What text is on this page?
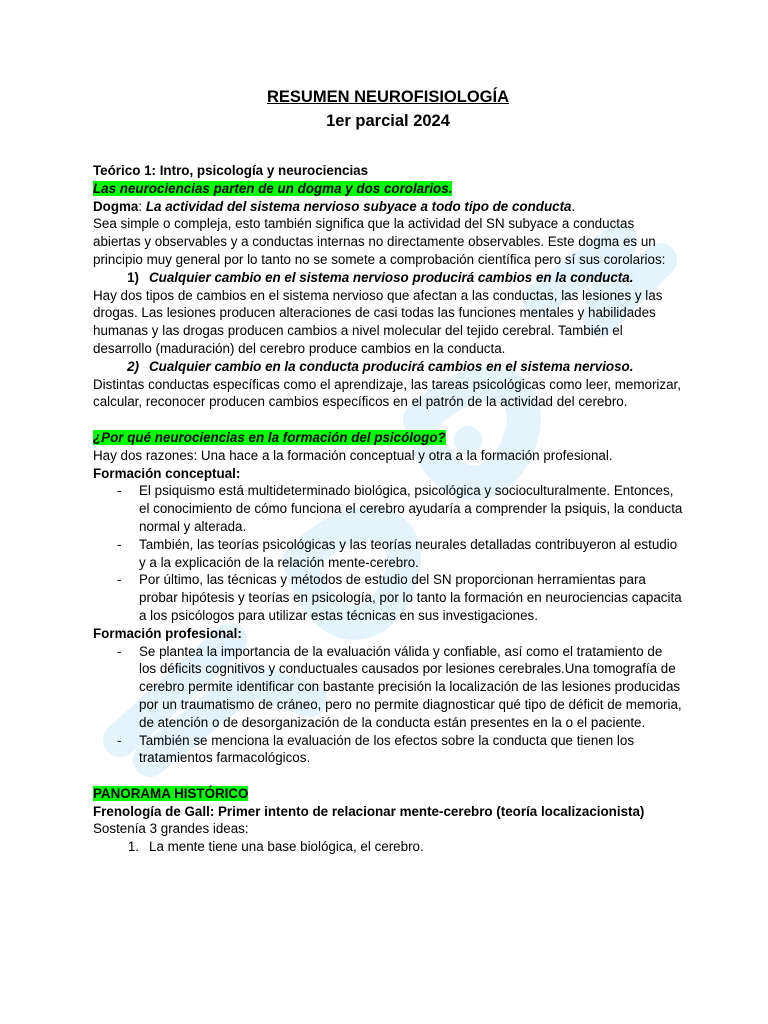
RESUMEN NEUROFISIOLOGÍA
1er parcial 2024

Teórico 1: Intro, psicología y neurociencias

Las neurociencias parten de un dogma y dos corolarios.

Dogma: La actividad del sistema nervioso subyace a todo tipo de conducta.

Sea simple o compleja, esto también significa que la actividad del SN subyace a conductas abiertas y observables y a conductas internas no directamente observables. Este dogma es un principio muy general por lo tanto no se somete a comprobación científica pero sí sus corolarios:

1) Cualquier cambio en el sistema nervioso producirá cambios en la conducta.

Hay dos tipos de cambios en el sistema nervioso que afectan a las conductas, las lesiones y las drogas. Las lesiones producen alteraciones de casi todas las funciones mentales y habilidades humanas y las drogas producen cambios a nivel molecular del tejido cerebral. También el desarrollo (maduración) del cerebro produce cambios en la conducta.

2) Cualquier cambio en la conducta producirá cambios en el sistema nervioso.

Distintas conductas específicas como el aprendizaje, las tareas psicológicas como leer, memorizar, calcular, reconocer producen cambios específicos en el patrón de la actividad del cerebro.

¿Por qué neurociencias en la formación del psicólogo?

Hay dos razones: Una hace a la formación conceptual y otra a la formación profesional.

Formación conceptual:

-	El psiquismo está multideterminado biológica, psicológica y socioculturalmente. Entonces, el conocimiento de cómo funciona el cerebro ayudaría a comprender la psiquis, la conducta normal y alterada.
-	También, las teorías psicológicas y las teorías neurales detalladas contribuyeron al estudio y a la explicación de la relación mente-cerebro.
-	Por último, las técnicas y métodos de estudio del SN proporcionan herramientas para probar hipótesis y teorías en psicología, por lo tanto la formación en neurociencias capacita a los psicólogos para utilizar estas técnicas en sus investigaciones.

Formación profesional:

-	Se plantea la importancia de la evaluación válida y confiable, así como el tratamiento de los déficits cognitivos y conductuales causados por lesiones cerebrales.Una tomografía de cerebro permite identificar con bastante precisión la localización de las lesiones producidas por un traumatismo de cráneo, pero no permite diagnosticar qué tipo de déficit de memoria, de atención o de desorganización de la conducta están presentes en la o el paciente.
-	También se menciona la evaluación de los efectos sobre la conducta que tienen los tratamientos farmacológicos.

PANORAMA HISTÓRICO

Frenología de Gall: Primer intento de relacionar mente-cerebro (teoría localizacionista)

Sostenía 3 grandes ideas:

1. La mente tiene una base biológica, el cerebro.
